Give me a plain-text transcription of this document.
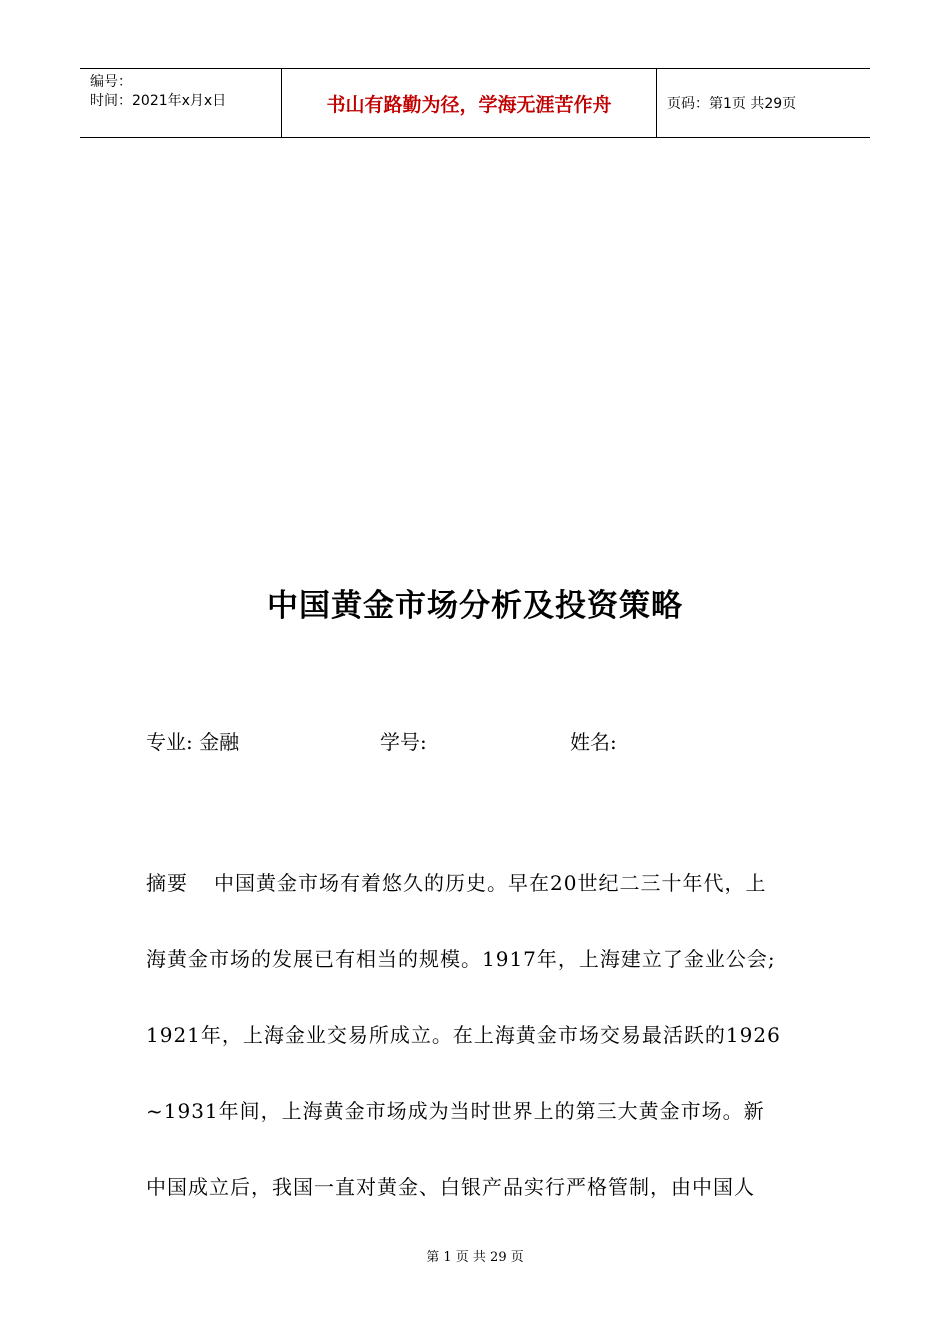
编号：
时间：2021年x月x日	书山有路勤为径，学海无涯苦作舟	页码：第1页 共29页
中国黄金市场分析及投资策略
专业: 金融	学号:	姓名:
摘要 中国黄金市场有着悠久的历史。早在20世纪二三十年代，上
海黄金市场的发展已有相当的规模。1917年，上海建立了金业公会;
1921年，上海金业交易所成立。在上海黄金市场交易最活跃的1926
~1931年间，上海黄金市场成为当时世界上的第三大黄金市场。新
中国成立后，我国一直对黄金、白银产品实行严格管制，由中国人
第 1 页 共 29 页
